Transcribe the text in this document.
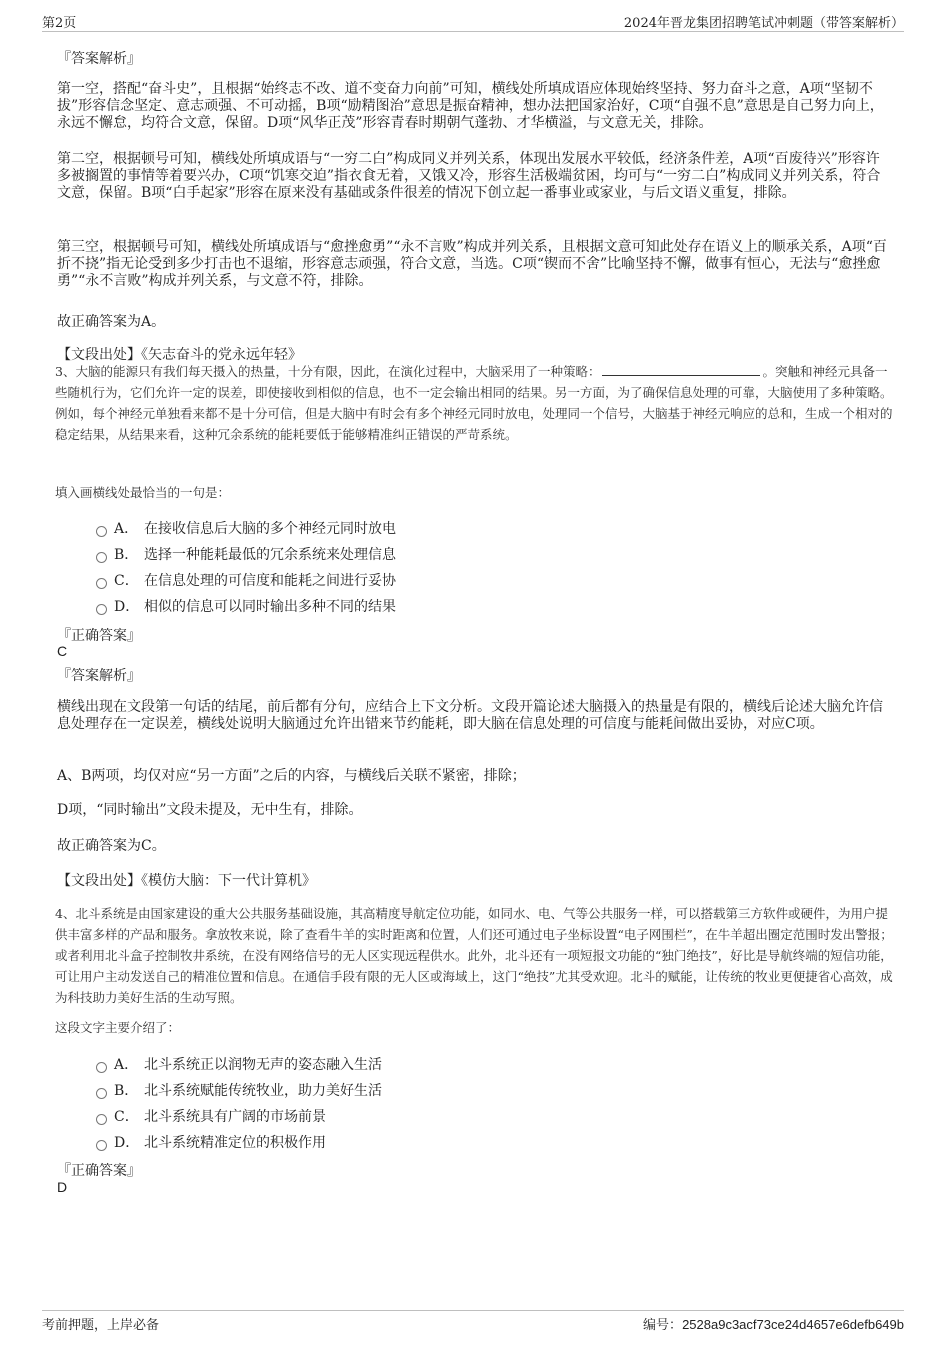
第2页	2024年晋龙集团招聘笔试冲刺题（带答案解析）
『答案解析』
第一空，搭配“奋斗史”，且根据“始终志不改、道不变奋力向前”可知，横线处所填成语应体现始终坚持、努力奋斗之意，A项“坚韧不拔”形容信念坚定、意志顽强、不可动摇，B项“励精图治”意思是振奋精神，想办法把国家治好，C项“自强不息”意思是自己努力向上，永远不懈怠，均符合文意，保留。D项“风华正茂”形容青春时期朝气蓬勃、才华横溢，与文意无关，排除。
第二空，根据顿号可知，横线处所填成语与“一穷二白”构成同义并列关系，体现出发展水平较低，经济条件差，A项“百废待兴”形容许多被搁置的事情等着要兴办，C项“饥寒交迫”指衣食无着，又饿又冷，形容生活极端贫困，均可与“一穷二白”构成同义并列关系，符合文意，保留。B项“白手起家”形容在原来没有基础或条件很差的情况下创立起一番事业或家业，与后文语义重复，排除。
第三空，根据顿号可知，横线处所填成语与“愈挫愈勇”“永不言败”构成并列关系，且根据文意可知此处存在语义上的顺承关系，A项“百折不挠”指无论受到多少打击也不退缩，形容意志顽强，符合文意，当选。C项“锲而不舍”比喻坚持不懈，做事有恒心，无法与“愈挫愈勇”“永不言败”构成并列关系，与文意不符，排除。
故正确答案为A。
【文段出处】《矢志奋斗的党永远年轻》
3、大脑的能源只有我们每天摄入的热量，十分有限，因此，在演化过程中，大脑采用了一种策略：	。突触和神经元具备一些随机行为，它们允许一定的误差，即使接收到相似的信息，也不一定会输出相同的结果。另一方面，为了确保信息处理的可靠，大脑使用了多种策略。例如，每个神经元单独看来都不是十分可信，但是大脑中有时会有多个神经元同时放电，处理同一个信号，大脑基于神经元响应的总和，生成一个相对的稳定结果，从结果来看，这种冗余系统的能耗要低于能够精准纠正错误的严苛系统。
填入画横线处最恰当的一句是：
A． 在接收信息后大脑的多个神经元同时放电
B． 选择一种能耗最低的冗余系统来处理信息
C． 在信息处理的可信度和能耗之间进行妥协
D． 相似的信息可以同时输出多种不同的结果
『正确答案』
C
『答案解析』
横线出现在文段第一句话的结尾，前后都有分句，应结合上下文分析。文段开篇论述大脑摄入的热量是有限的，横线后论述大脑允许信息处理存在一定误差，横线处说明大脑通过允许出错来节约能耗，即大脑在信息处理的可信度与能耗间做出妥协，对应C项。
A、B两项，均仅对应“另一方面”之后的内容，与横线后关联不紧密，排除；
D项，“同时输出”文段未提及，无中生有，排除。
故正确答案为C。
【文段出处】《模仿大脑：下一代计算机》
4、北斗系统是由国家建设的重大公共服务基础设施，其高精度导航定位功能，如同水、电、气等公共服务一样，可以搭载第三方软件或硬件，为用户提供丰富多样的产品和服务。拿放牧来说，除了查看牛羊的实时距离和位置，人们还可通过电子坐标设置“电子网围栏”，在牛羊超出圈定范围时发出警报；或者利用北斗盒子控制牧井系统，在没有网络信号的无人区实现远程供水。此外，北斗还有一项短报文功能的“独门绝技”，好比是导航终端的短信功能，可让用户主动发送自己的精准位置和信息。在通信手段有限的无人区或海域上，这门“绝技”尤其受欢迎。北斗的赋能，让传统的牧业更便捷省心高效，成为科技助力美好生活的生动写照。
这段文字主要介绍了：
A． 北斗系统正以润物无声的姿态融入生活
B． 北斗系统赋能传统牧业，助力美好生活
C． 北斗系统具有广阔的市场前景
D． 北斗系统精准定位的积极作用
『正确答案』
D
考前押题，上岸必备	编号：2528a9c3acf73ce24d4657e6defb649b
